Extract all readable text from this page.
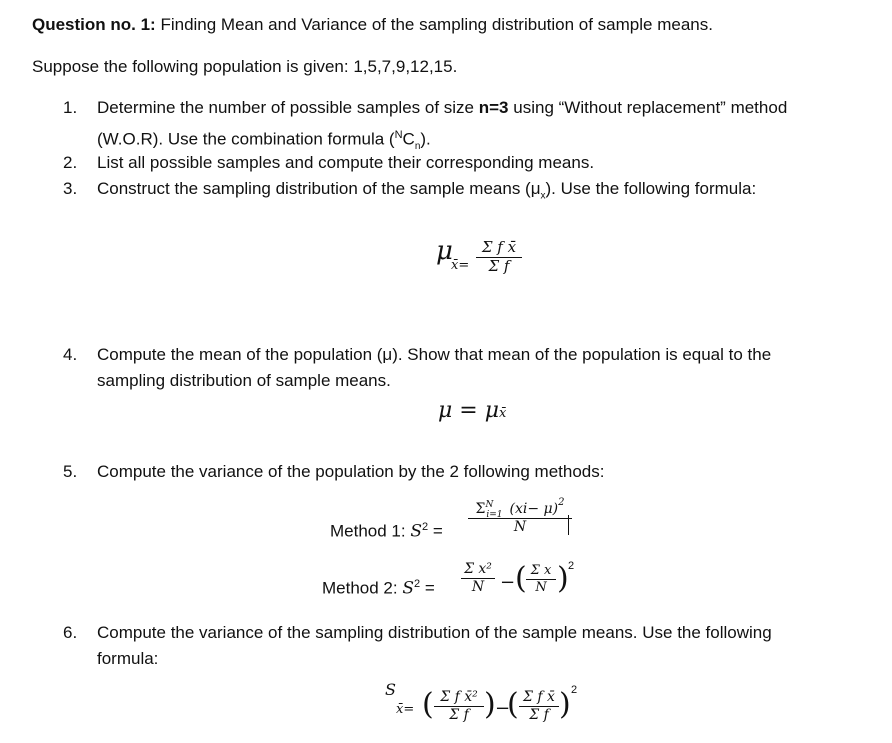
Question no. 1: Finding Mean and Variance of the sampling distribution of sample means.
Suppose the following population is given: 1,5,7,9,12,15.
1. Determine the number of possible samples of size n=3 using “Without replacement” method
(W.O.R). Use the combination formula $(^NC_n)$.
2. List all possible samples and compute their corresponding means.
3. Construct the sampling distribution of the sample means $(\mu_x)$. Use the following formula:
μ
x̄=
Σ f x̄
Σ f
4. Compute the mean of the population (μ). Show that mean of the population is equal to the
sampling distribution of sample means.
μ = μx̄
5. Compute the variance of the population by the 2 following methods:
Method 1: $S^2$ =
$\Sigma^N_{i=1}$ $(xi- \mu)^2$
N
Method 2: $S^2$ =
Σ x²
N − ( Σ x
N ) 2
6. Compute the variance of the sampling distribution of the sample means. Use the following
formula:
S
x̄= ( Σ f x̄²
Σ f ) −
( Σ f x̄
Σ f ) 2
